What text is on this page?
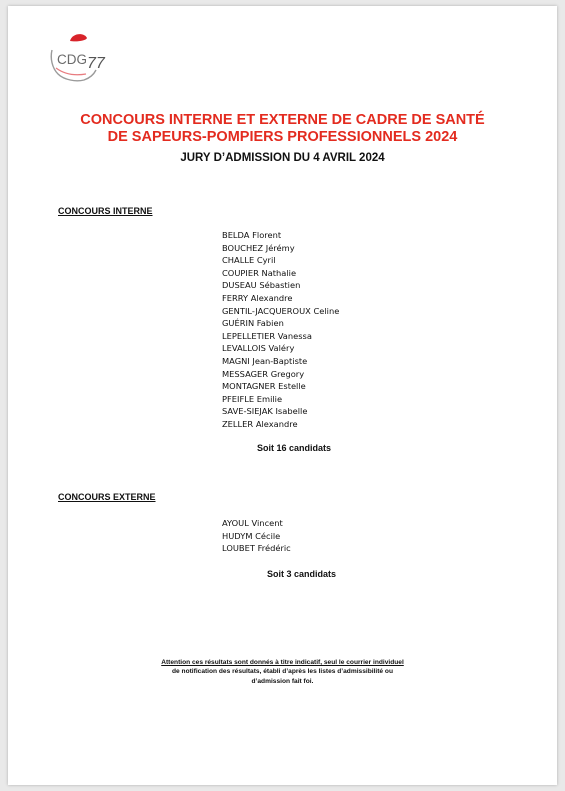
CDG 77
CONCOURS INTERNE ET EXTERNE DE CADRE DE SANTÉ
DE SAPEURS-POMPIERS PROFESSIONNELS 2024
JURY D’ADMISSION DU 4 AVRIL 2024
CONCOURS INTERNE
BELDA Florent
BOUCHEZ Jérémy
CHALLE Cyril
COUPIER Nathalie
DUSEAU Sébastien
FERRY Alexandre
GENTIL-JACQUEROUX Celine
GUÉRIN Fabien
LEPELLETIER Vanessa
LEVALLOIS Valéry
MAGNI Jean-Baptiste
MESSAGER Gregory
MONTAGNER Estelle
PFEIFLE Emilie
SAVE-SIEJAK Isabelle
ZELLER Alexandre
Soit 16 candidats
CONCOURS EXTERNE
AYOUL Vincent
HUDYM Cécile
LOUBET Frédéric
Soit 3 candidats
Attention ces résultats sont donnés à titre indicatif, seul le courrier individuel
de notification des résultats, établi d’après les listes d’admissibilité ou
d’admission fait foi.
